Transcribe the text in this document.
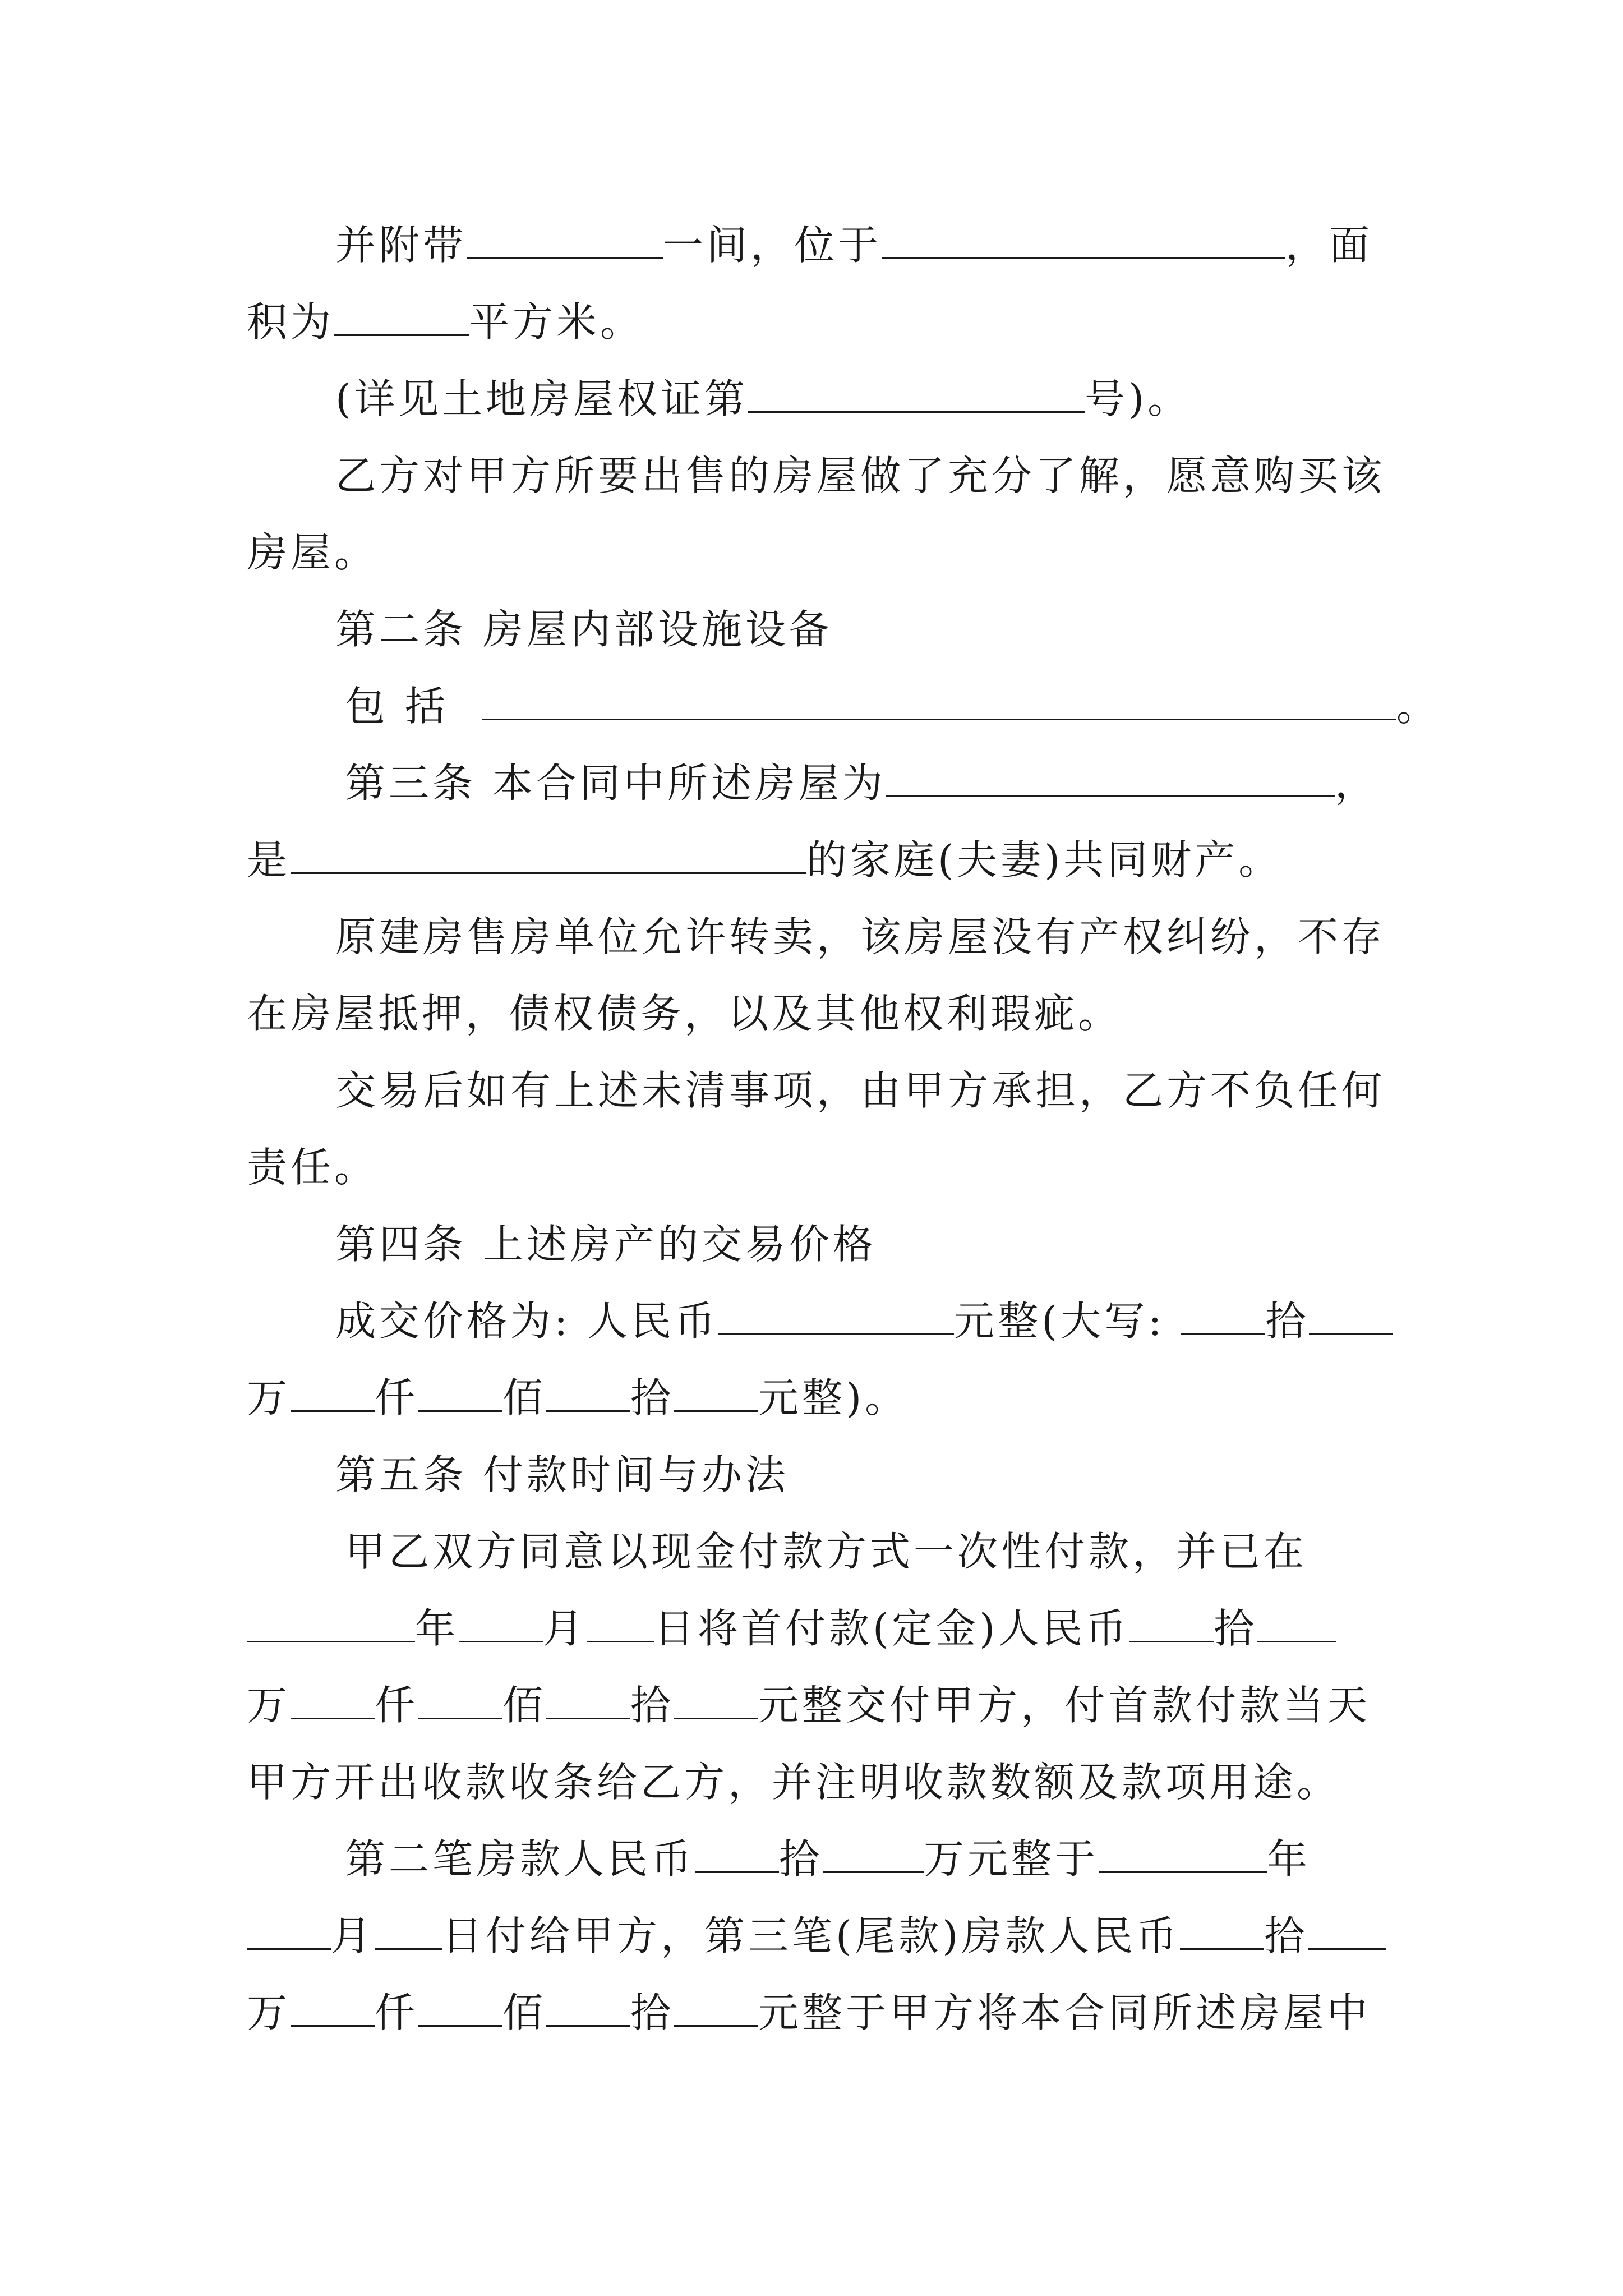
并附带	一间，位于	，面
积为	平方米。
(详见土地房屋权证第	号)。
乙方对甲方所要出售的房屋做了充分了解，愿意购买该
房屋。
第二条 房屋内部设施设备
包 括	。
第三条 本合同中所述房屋为	，
是	的家庭(夫妻)共同财产。
原建房售房单位允许转卖，该房屋没有产权纠纷，不存
在房屋抵押，债权债务，以及其他权利瑕疵。
交易后如有上述未清事项，由甲方承担，乙方不负任何
责任。
第四条 上述房产的交易价格
成交价格为: 人民币	元整(大写: 拾
万 仟 佰 拾 元整)。
第五条 付款时间与办法
甲乙双方同意以现金付款方式一次性付款，并已在
年 月 日将首付款(定金)人民币 拾
万 仟 佰 拾 元整交付甲方，付首款付款当天
甲方开出收款收条给乙方，并注明收款数额及款项用途。
第二笔房款人民币 拾	万元整于	年
月 日付给甲方，第三笔(尾款)房款人民币 拾
万 仟 佰 拾 元整于甲方将本合同所述房屋中
